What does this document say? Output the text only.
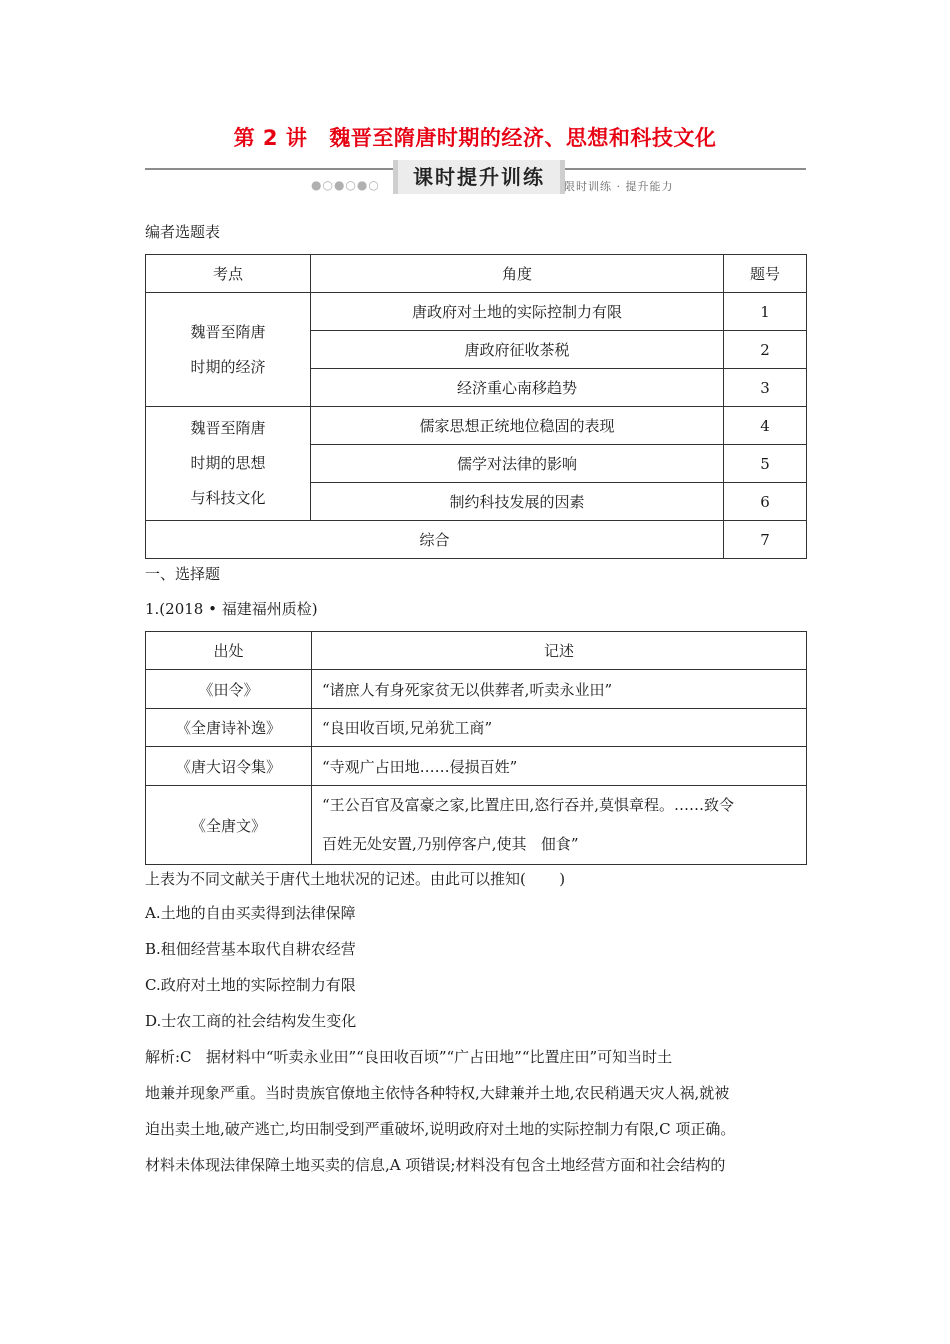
第 2 讲 魏晋至隋唐时期的经济、思想和科技文化
●○●○●○	课时提升训练	限时训练 · 提升能力
编者选题表
考点	角度	题号

魏晋至隋唐
时期的经济	唐政府对土地的实际控制力有限	1
	唐政府征收茶税	2
	经济重心南移趋势	3

魏晋至隋唐
时期的思想
与科技文化	儒家思想正统地位稳固的表现	4
	儒学对法律的影响	5
	制约科技发展的因素	6
综合		7
一、选择题
1.(2018 • 福建福州质检)
出处	记述
《田令》	“诸庶人有身死家贫无以供葬者,听卖永业田”
《全唐诗补逸》	“良田收百顷,兄弟犹工商”
《唐大诏令集》	“寺观广占田地……侵损百姓”
《全唐文》	“王公百官及富豪之家,比置庄田,恣行吞并,莫惧章程。……致令
百姓无处安置,乃别停客户,使其   佃食”
上表为不同文献关于唐代土地状况的记述。由此可以推知(       )
A.土地的自由买卖得到法律保障
B.租佃经营基本取代自耕农经营
C.政府对土地的实际控制力有限
D.士农工商的社会结构发生变化
解析:C   据材料中“听卖永业田”“良田收百顷”“广占田地”“比置庄田”可知当时土
地兼并现象严重。当时贵族官僚地主依恃各种特权,大肆兼并土地,农民稍遇天灾人祸,就被
迫出卖土地,破产逃亡,均田制受到严重破坏,说明政府对土地的实际控制力有限,C 项正确。
材料未体现法律保障土地买卖的信息,A 项错误;材料没有包含土地经营方面和社会结构的
